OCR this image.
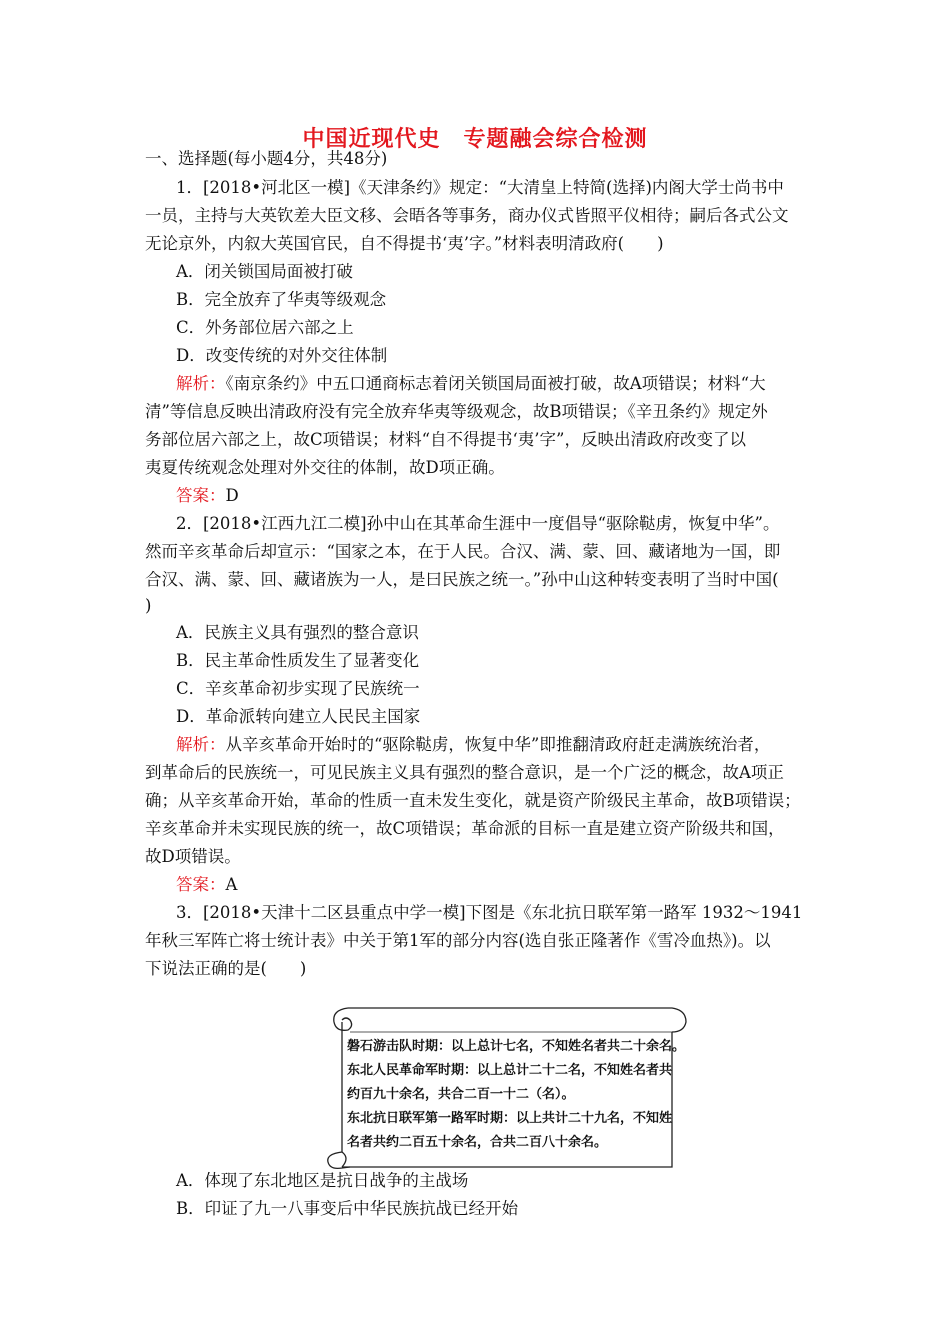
中国近现代史　专题融会综合检测
一、选择题(每小题4分，共48分)
1．[2018•河北区一模]《天津条约》规定：“大清皇上特简(选择)内阁大学士尚书中
一员，主持与大英钦差大臣文移、会晤各等事务，商办仪式皆照平仪相待；嗣后各式公文
无论京外，内叙大英国官民，自不得提书‘夷’字。”材料表明清政府(　　)
A．闭关锁国局面被打破
B．完全放弃了华夷等级观念
C．外务部位居六部之上
D．改变传统的对外交往体制
解析：《南京条约》中五口通商标志着闭关锁国局面被打破，故A项错误；材料“大
清”等信息反映出清政府没有完全放弃华夷等级观念，故B项错误；《辛丑条约》规定外
务部位居六部之上，故C项错误；材料“自不得提书‘夷’字”，反映出清政府改变了以
夷夏传统观念处理对外交往的体制，故D项正确。
答案：D
2．[2018•江西九江二模]孙中山在其革命生涯中一度倡导“驱除鞑虏，恢复中华”。
然而辛亥革命后却宣示：“国家之本，在于人民。合汉、满、蒙、回、藏诸地为一国，即
合汉、满、蒙、回、藏诸族为一人，是曰民族之统一。”孙中山这种转变表明了当时中国(
)
A．民族主义具有强烈的整合意识
B．民主革命性质发生了显著变化
C．辛亥革命初步实现了民族统一
D．革命派转向建立人民民主国家
解析：从辛亥革命开始时的“驱除鞑虏，恢复中华”即推翻清政府赶走满族统治者，
到革命后的民族统一，可见民族主义具有强烈的整合意识，是一个广泛的概念，故A项正
确；从辛亥革命开始，革命的性质一直未发生变化，就是资产阶级民主革命，故B项错误；
辛亥革命并未实现民族的统一，故C项错误；革命派的目标一直是建立资产阶级共和国，
故D项错误。
答案：A
3．[2018•天津十二区县重点中学一模]下图是《东北抗日联军第一路军 1932～1941
年秋三军阵亡将士统计表》中关于第1军的部分内容(选自张正隆著作《雪冷血热》)。以
下说法正确的是(　　)
磐石游击队时期：以上总计七名，不知姓名者共二十余名。
东北人民革命军时期：以上总计二十二名，不知姓名者共
约百九十余名，共合二百一十二（名）。
东北抗日联军第一路军时期：以上共计二十九名，不知姓
名者共约二百五十余名，合共二百八十余名。
A．体现了东北地区是抗日战争的主战场
B．印证了九一八事变后中华民族抗战已经开始
